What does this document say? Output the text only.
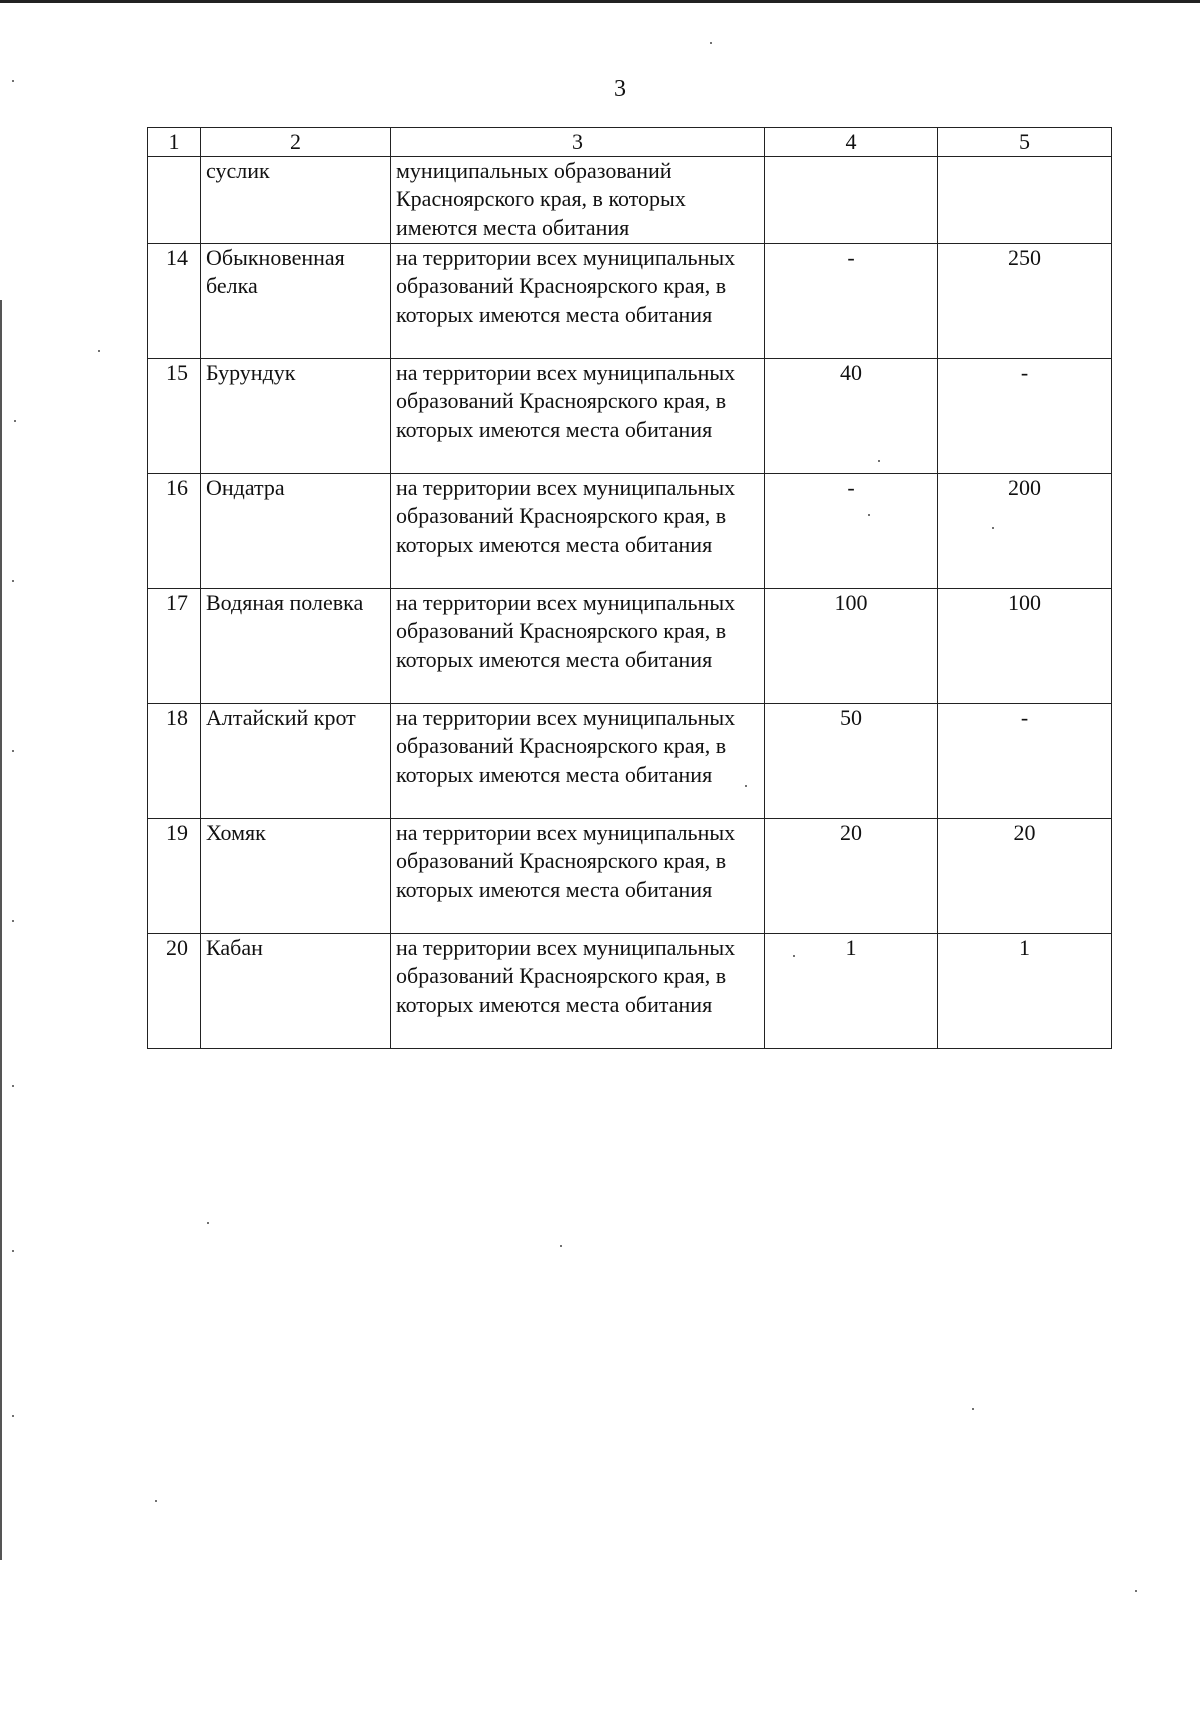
3
1	2	3	4	5
	суслик	муниципальных образований Красноярского края, в которых имеются места обитания		
14	Обыкновенная белка	на территории всех муниципальных образований Красноярского края, в которых имеются места обитания	-	250
15	Бурундук	на территории всех муниципальных образований Красноярского края, в которых имеются места обитания	40	-
16	Ондатра	на территории всех муниципальных образований Красноярского края, в которых имеются места обитания	-	200
17	Водяная полевка	на территории всех муниципальных образований Красноярского края, в которых имеются места обитания	100	100
18	Алтайский крот	на территории всех муниципальных образований Красноярского края, в которых имеются места обитания	50	-
19	Хомяк	на территории всех муниципальных образований Красноярского края, в которых имеются места обитания	20	20
20	Кабан	на территории всех муниципальных образований Красноярского края, в которых имеются места обитания	1	1
